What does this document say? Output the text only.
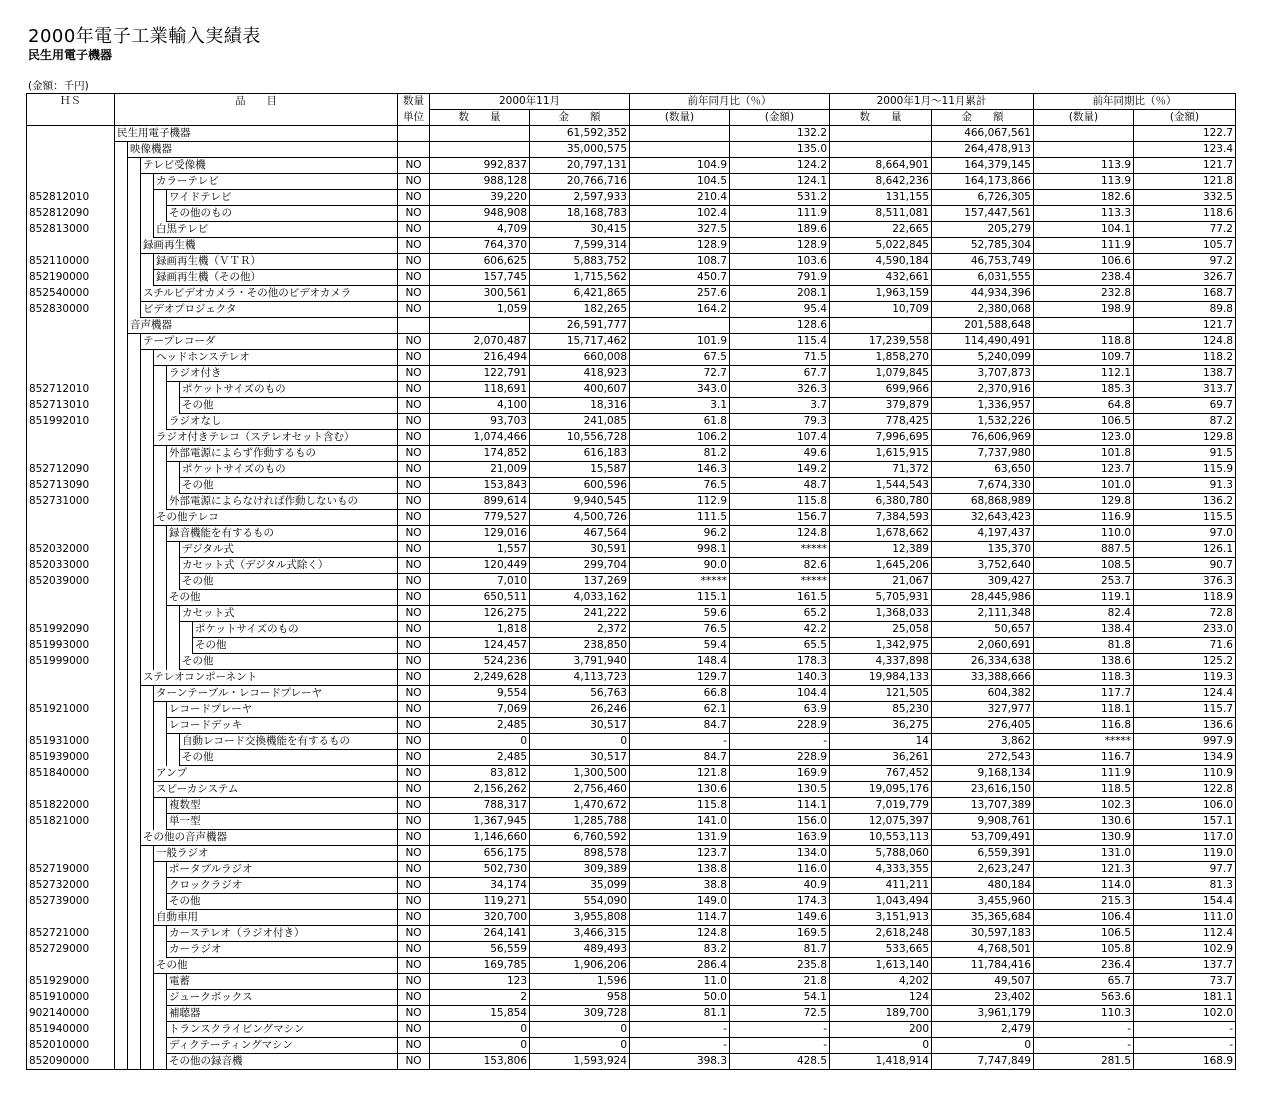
2000年電子工業輸入実績表
民生用電子機器
(金額：千円)
ＨＳ	品　　目							数量	2000年11月		前年同月比（％）		2000年1月～11月累計		前年同期比（％）	
								単位	数　　量	金　　額	(数量)	(金額)	数　　量	金　　額	(数量)	(金額)
	民生用電子機器									61,592,352		132.2		466,067,561		122.7
		映像機器								35,000,575		135.0		264,478,913		123.4
			テレビ受像機					NO	992,837	20,797,131	104.9	124.2	8,664,901	164,379,145	113.9	121.7
				カラーテレビ				NO	988,128	20,766,716	104.5	124.1	8,642,236	164,173,866	113.9	121.8
852812010					ワイドテレビ			NO	39,220	2,597,933	210.4	531.2	131,155	6,726,305	182.6	332.5
852812090					その他のもの			NO	948,908	18,168,783	102.4	111.9	8,511,081	157,447,561	113.3	118.6
852813000				白黒テレビ				NO	4,709	30,415	327.5	189.6	22,665	205,279	104.1	77.2
			録画再生機					NO	764,370	7,599,314	128.9	128.9	5,022,845	52,785,304	111.9	105.7
852110000				録画再生機（ＶＴＲ）				NO	606,625	5,883,752	108.7	103.6	4,590,184	46,753,749	106.6	97.2
852190000				録画再生機（その他）				NO	157,745	1,715,562	450.7	791.9	432,661	6,031,555	238.4	326.7
852540000			スチルビデオカメラ・その他のビデオカメラ					NO	300,561	6,421,865	257.6	208.1	1,963,159	44,934,396	232.8	168.7
852830000			ビデオプロジェクタ					NO	1,059	182,265	164.2	95.4	10,709	2,380,068	198.9	89.8
		音声機器								26,591,777		128.6		201,588,648		121.7
			テープレコーダ					NO	2,070,487	15,717,462	101.9	115.4	17,239,558	114,490,491	118.8	124.8
				ヘッドホンステレオ				NO	216,494	660,008	67.5	71.5	1,858,270	5,240,099	109.7	118.2
					ラジオ付き			NO	122,791	418,923	72.7	67.7	1,079,845	3,707,873	112.1	138.7
852712010						ポケットサイズのもの		NO	118,691	400,607	343.0	326.3	699,966	2,370,916	185.3	313.7
852713010						その他		NO	4,100	18,316	3.1	3.7	379,879	1,336,957	64.8	69.7
851992010					ラジオなし			NO	93,703	241,085	61.8	79.3	778,425	1,532,226	106.5	87.2
				ラジオ付きテレコ（ステレオセット含む）				NO	1,074,466	10,556,728	106.2	107.4	7,996,695	76,606,969	123.0	129.8
					外部電源によらず作動するもの			NO	174,852	616,183	81.2	49.6	1,615,915	7,737,980	101.8	91.5
852712090						ポケットサイズのもの		NO	21,009	15,587	146.3	149.2	71,372	63,650	123.7	115.9
852713090						その他		NO	153,843	600,596	76.5	48.7	1,544,543	7,674,330	101.0	91.3
852731000					外部電源によらなければ作動しないもの			NO	899,614	9,940,545	112.9	115.8	6,380,780	68,868,989	129.8	136.2
				その他テレコ				NO	779,527	4,500,726	111.5	156.7	7,384,593	32,643,423	116.9	115.5
					録音機能を有するもの			NO	129,016	467,564	96.2	124.8	1,678,662	4,197,437	110.0	97.0
852032000						デジタル式		NO	1,557	30,591	998.1	*****	12,389	135,370	887.5	126.1
852033000						カセット式（デジタル式除く）		NO	120,449	299,704	90.0	82.6	1,645,206	3,752,640	108.5	90.7
852039000						その他		NO	7,010	137,269	*****	*****	21,067	309,427	253.7	376.3
					その他			NO	650,511	4,033,162	115.1	161.5	5,705,931	28,445,986	119.1	118.9
						カセット式		NO	126,275	241,222	59.6	65.2	1,368,033	2,111,348	82.4	72.8
851992090							ポケットサイズのもの	NO	1,818	2,372	76.5	42.2	25,058	50,657	138.4	233.0
851993000							その他	NO	124,457	238,850	59.4	65.5	1,342,975	2,060,691	81.8	71.6
851999000						その他		NO	524,236	3,791,940	148.4	178.3	4,337,898	26,334,638	138.6	125.2
			ステレオコンポーネント					NO	2,249,628	4,113,723	129.7	140.3	19,984,133	33,388,666	118.3	119.3
				ターンテーブル・レコードプレーヤ				NO	9,554	56,763	66.8	104.4	121,505	604,382	117.7	124.4
851921000					レコードプレーヤ			NO	7,069	26,246	62.1	63.9	85,230	327,977	118.1	115.7
					レコードデッキ			NO	2,485	30,517	84.7	228.9	36,275	276,405	116.8	136.6
851931000						自動レコード交換機能を有するもの		NO	0	0	-	-	14	3,862	*****	997.9
851939000						その他		NO	2,485	30,517	84.7	228.9	36,261	272,543	116.7	134.9
851840000				アンプ				NO	83,812	1,300,500	121.8	169.9	767,452	9,168,134	111.9	110.9
				スピーカシステム				NO	2,156,262	2,756,460	130.6	130.5	19,095,176	23,616,150	118.5	122.8
851822000					複数型			NO	788,317	1,470,672	115.8	114.1	7,019,779	13,707,389	102.3	106.0
851821000					単一型			NO	1,367,945	1,285,788	141.0	156.0	12,075,397	9,908,761	130.6	157.1
			その他の音声機器					NO	1,146,660	6,760,592	131.9	163.9	10,553,113	53,709,491	130.9	117.0
				一般ラジオ				NO	656,175	898,578	123.7	134.0	5,788,060	6,559,391	131.0	119.0
852719000					ポータブルラジオ			NO	502,730	309,389	138.8	116.0	4,333,355	2,623,247	121.3	97.7
852732000					クロックラジオ			NO	34,174	35,099	38.8	40.9	411,211	480,184	114.0	81.3
852739000					その他			NO	119,271	554,090	149.0	174.3	1,043,494	3,455,960	215.3	154.4
				自動車用				NO	320,700	3,955,808	114.7	149.6	3,151,913	35,365,684	106.4	111.0
852721000					カーステレオ（ラジオ付き）			NO	264,141	3,466,315	124.8	169.5	2,618,248	30,597,183	106.5	112.4
852729000					カーラジオ			NO	56,559	489,493	83.2	81.7	533,665	4,768,501	105.8	102.9
				その他				NO	169,785	1,906,206	286.4	235.8	1,613,140	11,784,416	236.4	137.7
851929000					電蓄			NO	123	1,596	11.0	21.8	4,202	49,507	65.7	73.7
851910000					ジュークボックス			NO	2	958	50.0	54.1	124	23,402	563.6	181.1
902140000					補聴器			NO	15,854	309,728	81.1	72.5	189,700	3,961,179	110.3	102.0
851940000					トランスクライビングマシン			NO	0	0	-	-	200	2,479	-	-
852010000					ディクテーティングマシン			NO	0	0	-	-	0	0	-	-
852090000					その他の録音機			NO	153,806	1,593,924	398.3	428.5	1,418,914	7,747,849	281.5	168.9
